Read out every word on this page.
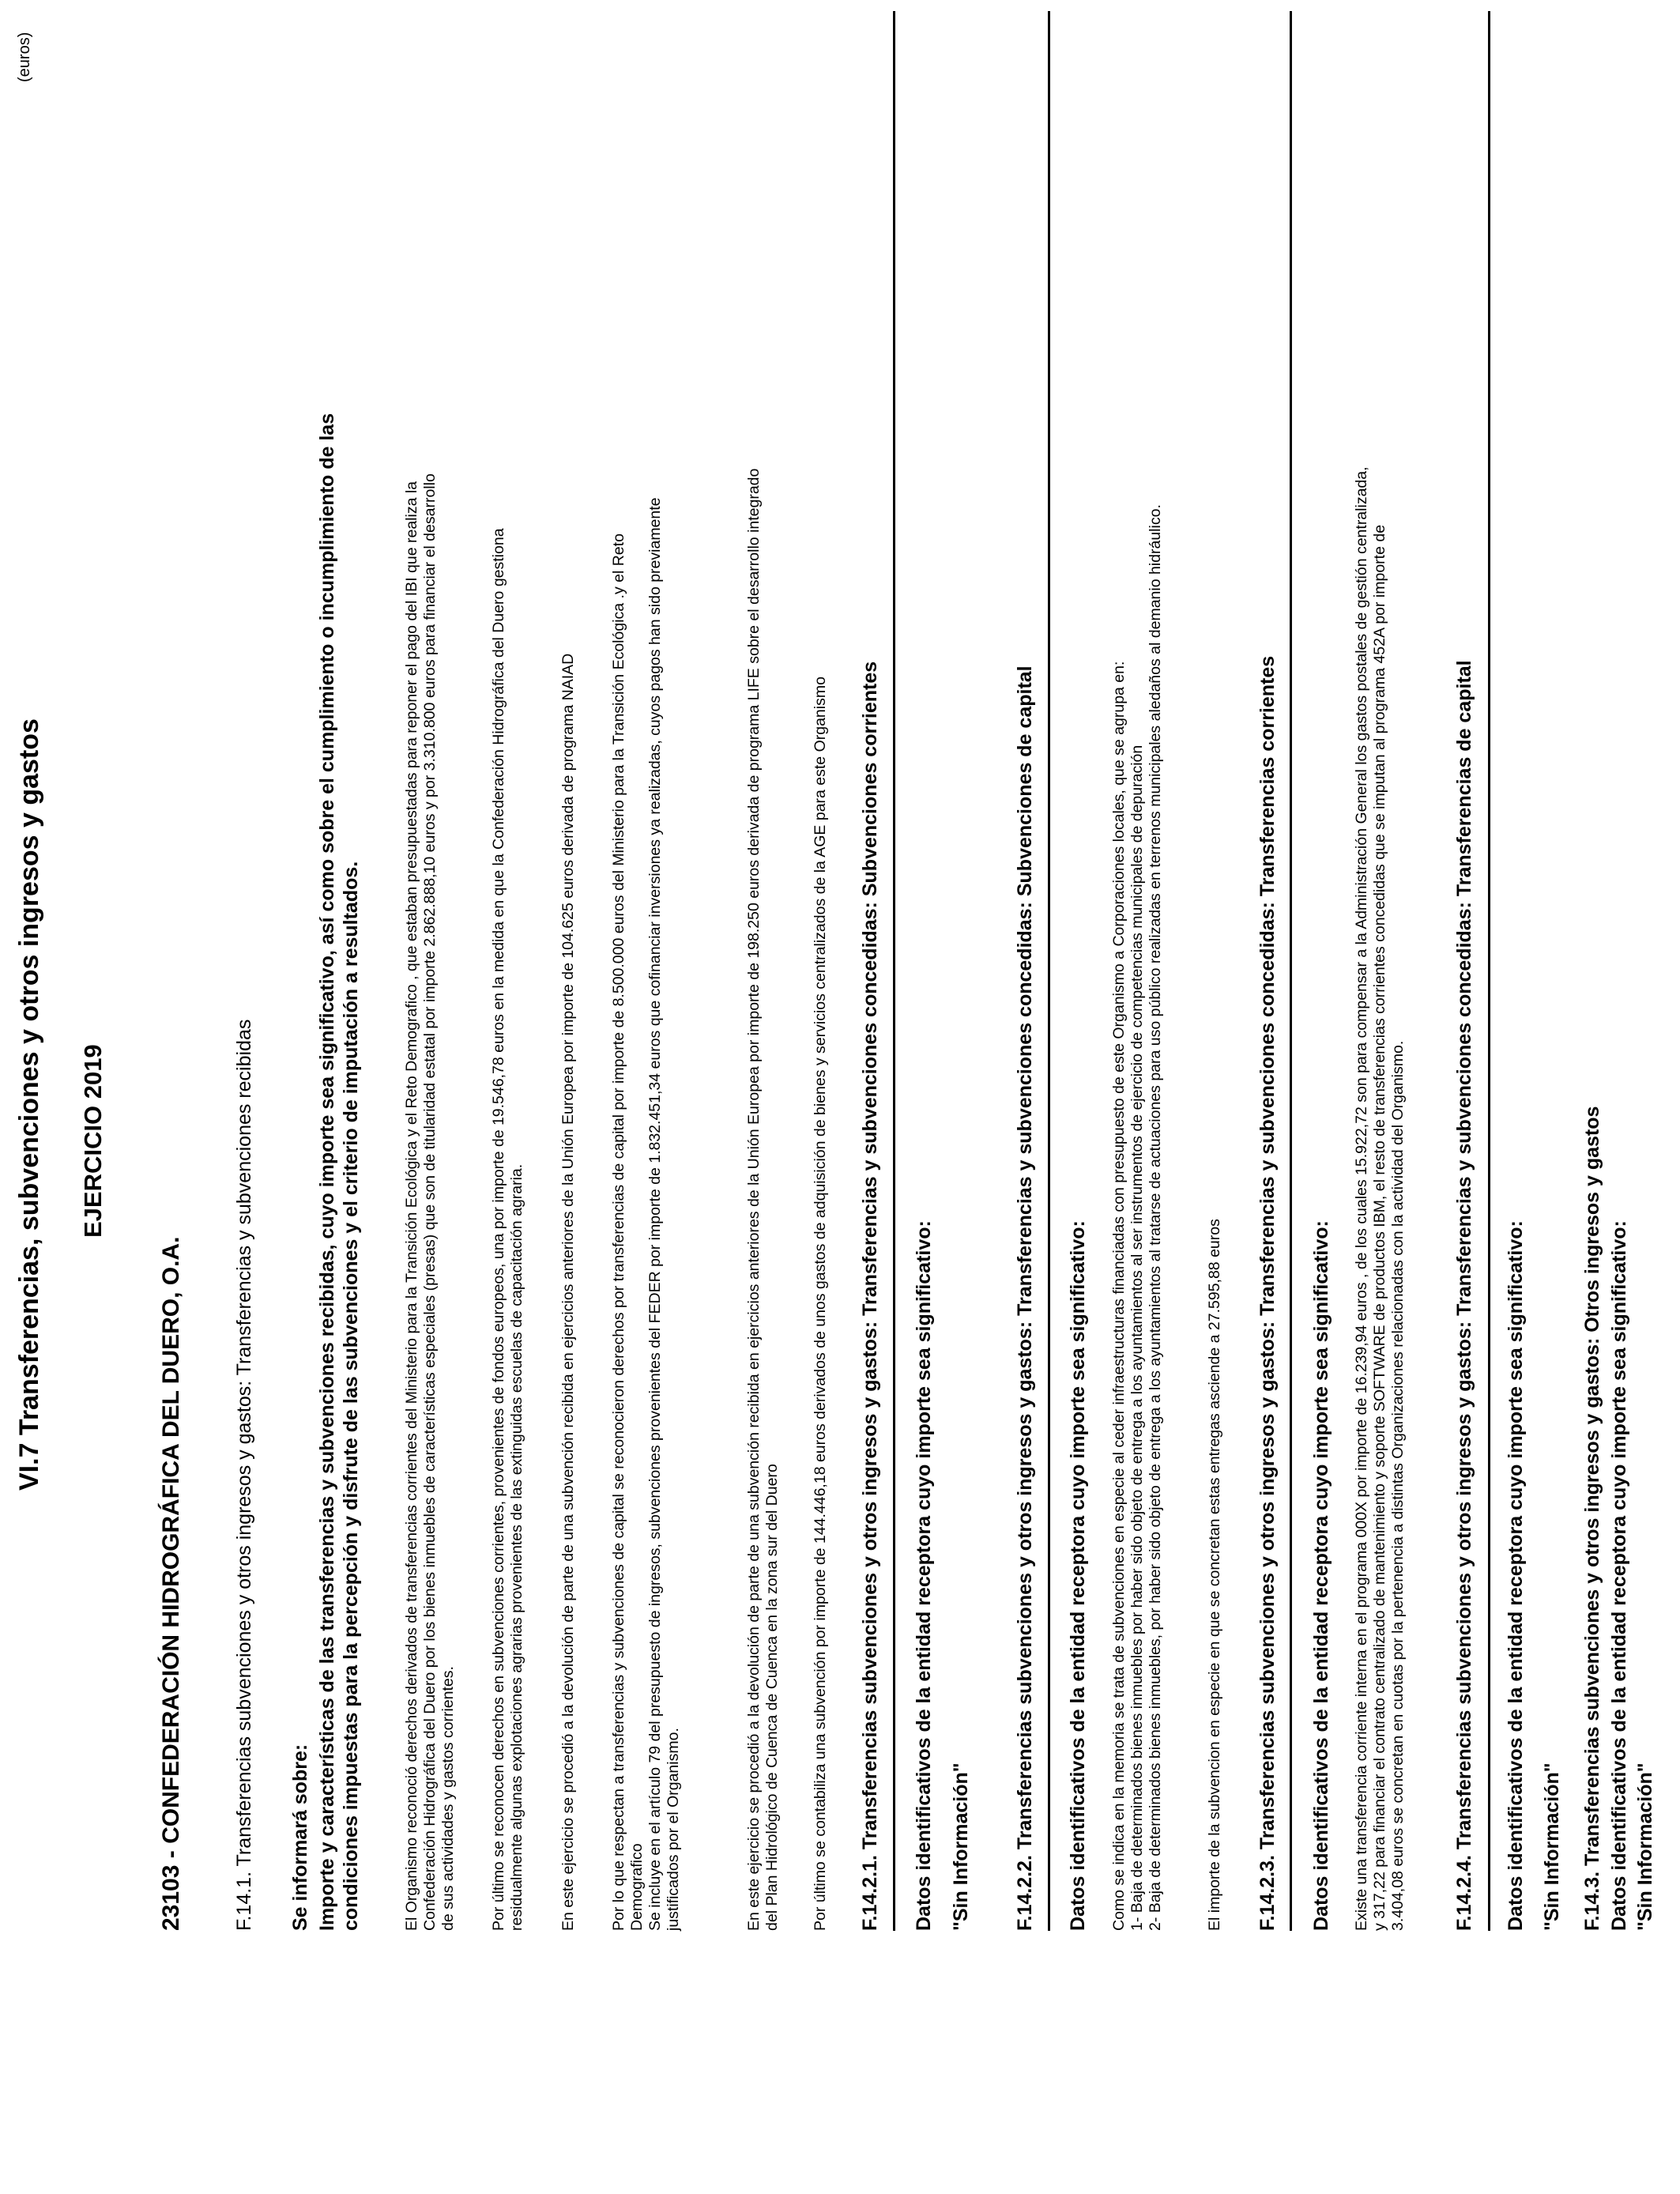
VI.7 Transferencias, subvenciones y otros ingresos y gastos
(euros)
EJERCICIO 2019
23103 - CONFEDERACIÓN HIDROGRÁFICA DEL DUERO, O.A. F.14.1. Transferencias subvenciones y otros ingresos y gastos: Transferencias y subvenciones recibidas Se informará sobre: Importe y características de las transferencias y subvenciones recibidas, cuyo importe sea significativo, así como sobre el cumplimiento o incumplimiento de las condiciones impuestas para la percepción y disfrute de las subvenciones y el criterio de imputación a resultados.	El Organismo reconoció derechos derivados de transferencias corrientes del Ministerio para la Transición Ecológica y el Reto Demografico , que estaban presupuestadas para reponer el pago del IBI que realiza la Confederación Hidrográfica del Duero por los bienes inmuebles de características especiales (presas) que son de titularidad estatal por importe 2.862.888,10 euros y por 3.310.800 euros para financiar el desarrollo de sus actividades y gastos corrientes. Por último se reconocen derechos en subvenciones corrientes, provenientes de fondos europeos, una por importe de 19.546,78 euros en la medida en que la Confederación Hidrográfica del Duero gestiona residualmente algunas explotaciones agrarias provenientes de las extinguidas escuelas de capacitación agraria. En este ejercicio se procedió a la devolución de parte de una subvención recibida en ejercicios anteriores de la Unión Europea por importe de 104.625 euros derivada de programa NAIAD Por lo que respectan a transferencias y subvenciones de capital se reconocieron derechos por transferencias de capital por importe de 8.500.000 euros del Ministerio para la Transición Ecológica .y el Reto Demografico Se incluye en el artículo 79 del presupuesto de ingresos, subvenciones provenientes del FEDER por importe de 1.832.451,34 euros que cofinanciar inversiones ya realizadas, cuyos pagos han sido previamente justificados por el Organismo.	En este ejercicio se procedió a la devolución de parte de una subvención recibida en ejercicios anteriores de la Unión Europea por importe de 198.250 euros derivada de programa LIFE sobre el desarrollo integrado del Plan Hidrológico de Cuenca de Cuenca en la zona sur del Duero Por último se contabiliza una subvención por importe de 144.446,18 euros derivados de unos gastos de adquisición de bienes y servicios centralizados de la AGE para este Organismo F.14.2.1. Transferencias subvenciones y otros ingresos y gastos: Transferencias y subvenciones concedidas: Subvenciones corrientes Datos identificativos de la entidad receptora cuyo importe sea significativo: "Sin Información" F.14.2.2. Transferencias subvenciones y otros ingresos y gastos: Transferencias y subvenciones concedidas: Subvenciones de capital Datos identificativos de la entidad receptora cuyo importe sea significativo: Como se indica en la memoria se trata de subvenciones en especie al ceder infraestructuras financiadas con presupuesto de este Organismo a Corporaciones locales, que se agrupa en: 1- Baja de determinados bienes inmuebles por haber sido objeto de entrega a los ayuntamientos al ser instrumentos de ejercicio de competencias municipales de depuración 2- Baja de determinados bienes inmuebles, por haber sido objeto de entrega a los ayuntamientos al tratarse de actuaciones para uso público realizadas en terrenos municipales aledaños al demanio hidráulico.	El importe de la subvencion en especie en que se concretan estas entregas asciende a 27.595,88 euros F.14.2.3. Transferencias subvenciones y otros ingresos y gastos: Transferencias y subvenciones concedidas: Transferencias corrientes Datos identificativos de la entidad receptora cuyo importe sea significativo: Existe una transferencia corriente interna en el programa 000X por importe de 16.239,94 euros , de los cuales 15.922,72 son para compensar a la Administración General los gastos postales de gestión centralizada, y 317,22 para financiar el contrato centralizado de mantenimiento y soporte SOFTWARE de productos IBM, el resto de transferencias corrientes concedidas que se imputan al programa 452A por importe de 3.404,08 euros se concretan en cuotas por la pertenencia a distintas Organizaciones relacionadas con la actividad del Organismo. F.14.2.4. Transferencias subvenciones y otros ingresos y gastos: Transferencias y subvenciones concedidas: Transferencias de capital Datos identificativos de la entidad receptora cuyo importe sea significativo: "Sin Información" F.14.3. Transferencias subvenciones y otros ingresos y gastos: Otros ingresos y gastos Datos identificativos de la entidad receptora cuyo importe sea significativo: "Sin Información"
